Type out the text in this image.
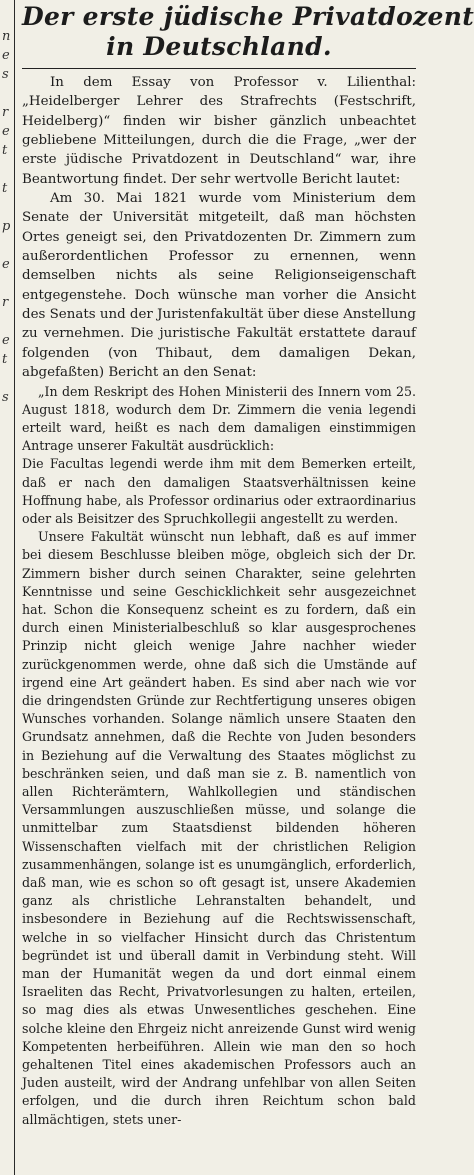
n
e
s
r
e
t
t
p
e
r
e
t
s
Der erste jüdische Privatdozent
in Deutschland.

In dem Essay von Professor v. Lilienthal: „Heidelberger Lehrer des Strafrechts (Festschrift, Heidelberg)“ finden wir bisher gänzlich unbeachtet gebliebene Mitteilungen, durch die die Frage, „wer der erste jüdische Privatdozent in Deutschland“ war, ihre Beantwortung findet. Der sehr wertvolle Bericht lautet:

Am 30. Mai 1821 wurde vom Ministerium dem Senate der Universität mitgeteilt, daß man höchsten Ortes geneigt sei, den Privatdozenten Dr. Zimmern zum außerordentlichen Professor zu ernennen, wenn demselben nichts als seine Religionseigenschaft entgegenstehe. Doch wünsche man vorher die Ansicht des Senats und der Juristenfakultät über diese Anstellung zu vernehmen. Die juristische Fakultät erstattete darauf folgenden (von Thibaut, dem damaligen Dekan, abgefaßten) Bericht an den Senat:

„In dem Reskript des Hohen Ministerii des Innern vom 25. August 1818, wodurch dem Dr. Zimmern die venia legendi erteilt ward, heißt es nach dem damaligen einstimmigen Antrage unserer Fakultät ausdrücklich:

Die Facultas legendi werde ihm mit dem Bemerken erteilt, daß er nach den damaligen Staatsverhältnissen keine Hoffnung habe, als Professor ordinarius oder extraordinarius oder als Beisitzer des Spruchkollegii angestellt zu werden.

Unsere Fakultät wünscht nun lebhaft, daß es auf immer bei diesem Beschlusse bleiben möge, obgleich sich der Dr. Zimmern bisher durch seinen Charakter, seine gelehrten Kenntnisse und seine Geschicklichkeit sehr ausgezeichnet hat. Schon die Konsequenz scheint es zu fordern, daß ein durch einen Ministerialbeschluß so klar ausgesprochenes Prinzip nicht gleich wenige Jahre nachher wieder zurückgenommen werde, ohne daß sich die Umstände auf irgend eine Art geändert haben. Es sind aber nach wie vor die dringendsten Gründe zur Rechtfertigung unseres obigen Wunsches vorhanden. Solange nämlich unsere Staaten den Grundsatz annehmen, daß die Rechte von Juden besonders in Beziehung auf die Verwaltung des Staates möglichst zu beschränken seien, und daß man sie z. B. namentlich von allen Richterämtern, Wahlkollegien und ständischen Versammlungen auszuschließen müsse, und solange die unmittelbar zum Staatsdienst bildenden höheren Wissenschaften vielfach mit der christlichen Religion zusammenhängen, solange ist es unumgänglich, erforderlich, daß man, wie es schon so oft gesagt ist, unsere Akademien ganz als christliche Lehranstalten behandelt, und insbesondere in Beziehung auf die Rechtswissenschaft, welche in so vielfacher Hinsicht durch das Christentum begründet ist und überall damit in Verbindung steht. Will man der Humanität wegen da und dort einmal einem Israeliten das Recht, Privatvorlesungen zu halten, erteilen, so mag dies als etwas Unwesentliches geschehen. Eine solche kleine den Ehrgeiz nicht anreizende Gunst wird wenig Kompetenten herbeiführen. Allein wie man den so hoch gehaltenen Titel eines akademischen Professors auch an Juden austeilt, wird der Andrang unfehlbar von allen Seiten erfolgen, und die durch ihren Reichtum schon bald allmächtigen, stets uner-
